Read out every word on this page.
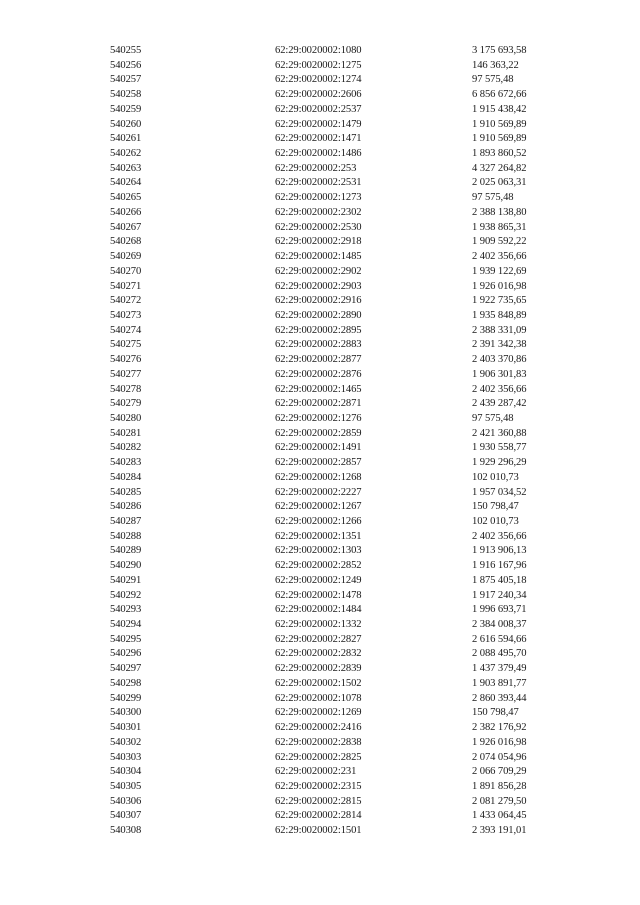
540255	62:29:0020002:1080	3 175 693,58
540256	62:29:0020002:1275	146 363,22
540257	62:29:0020002:1274	97 575,48
540258	62:29:0020002:2606	6 856 672,66
540259	62:29:0020002:2537	1 915 438,42
540260	62:29:0020002:1479	1 910 569,89
540261	62:29:0020002:1471	1 910 569,89
540262	62:29:0020002:1486	1 893 860,52
540263	62:29:0020002:253	4 327 264,82
540264	62:29:0020002:2531	2 025 063,31
540265	62:29:0020002:1273	97 575,48
540266	62:29:0020002:2302	2 388 138,80
540267	62:29:0020002:2530	1 938 865,31
540268	62:29:0020002:2918	1 909 592,22
540269	62:29:0020002:1485	2 402 356,66
540270	62:29:0020002:2902	1 939 122,69
540271	62:29:0020002:2903	1 926 016,98
540272	62:29:0020002:2916	1 922 735,65
540273	62:29:0020002:2890	1 935 848,89
540274	62:29:0020002:2895	2 388 331,09
540275	62:29:0020002:2883	2 391 342,38
540276	62:29:0020002:2877	2 403 370,86
540277	62:29:0020002:2876	1 906 301,83
540278	62:29:0020002:1465	2 402 356,66
540279	62:29:0020002:2871	2 439 287,42
540280	62:29:0020002:1276	97 575,48
540281	62:29:0020002:2859	2 421 360,88
540282	62:29:0020002:1491	1 930 558,77
540283	62:29:0020002:2857	1 929 296,29
540284	62:29:0020002:1268	102 010,73
540285	62:29:0020002:2227	1 957 034,52
540286	62:29:0020002:1267	150 798,47
540287	62:29:0020002:1266	102 010,73
540288	62:29:0020002:1351	2 402 356,66
540289	62:29:0020002:1303	1 913 906,13
540290	62:29:0020002:2852	1 916 167,96
540291	62:29:0020002:1249	1 875 405,18
540292	62:29:0020002:1478	1 917 240,34
540293	62:29:0020002:1484	1 996 693,71
540294	62:29:0020002:1332	2 384 008,37
540295	62:29:0020002:2827	2 616 594,66
540296	62:29:0020002:2832	2 088 495,70
540297	62:29:0020002:2839	1 437 379,49
540298	62:29:0020002:1502	1 903 891,77
540299	62:29:0020002:1078	2 860 393,44
540300	62:29:0020002:1269	150 798,47
540301	62:29:0020002:2416	2 382 176,92
540302	62:29:0020002:2838	1 926 016,98
540303	62:29:0020002:2825	2 074 054,96
540304	62:29:0020002:231	2 066 709,29
540305	62:29:0020002:2315	1 891 856,28
540306	62:29:0020002:2815	2 081 279,50
540307	62:29:0020002:2814	1 433 064,45
540308	62:29:0020002:1501	2 393 191,01
